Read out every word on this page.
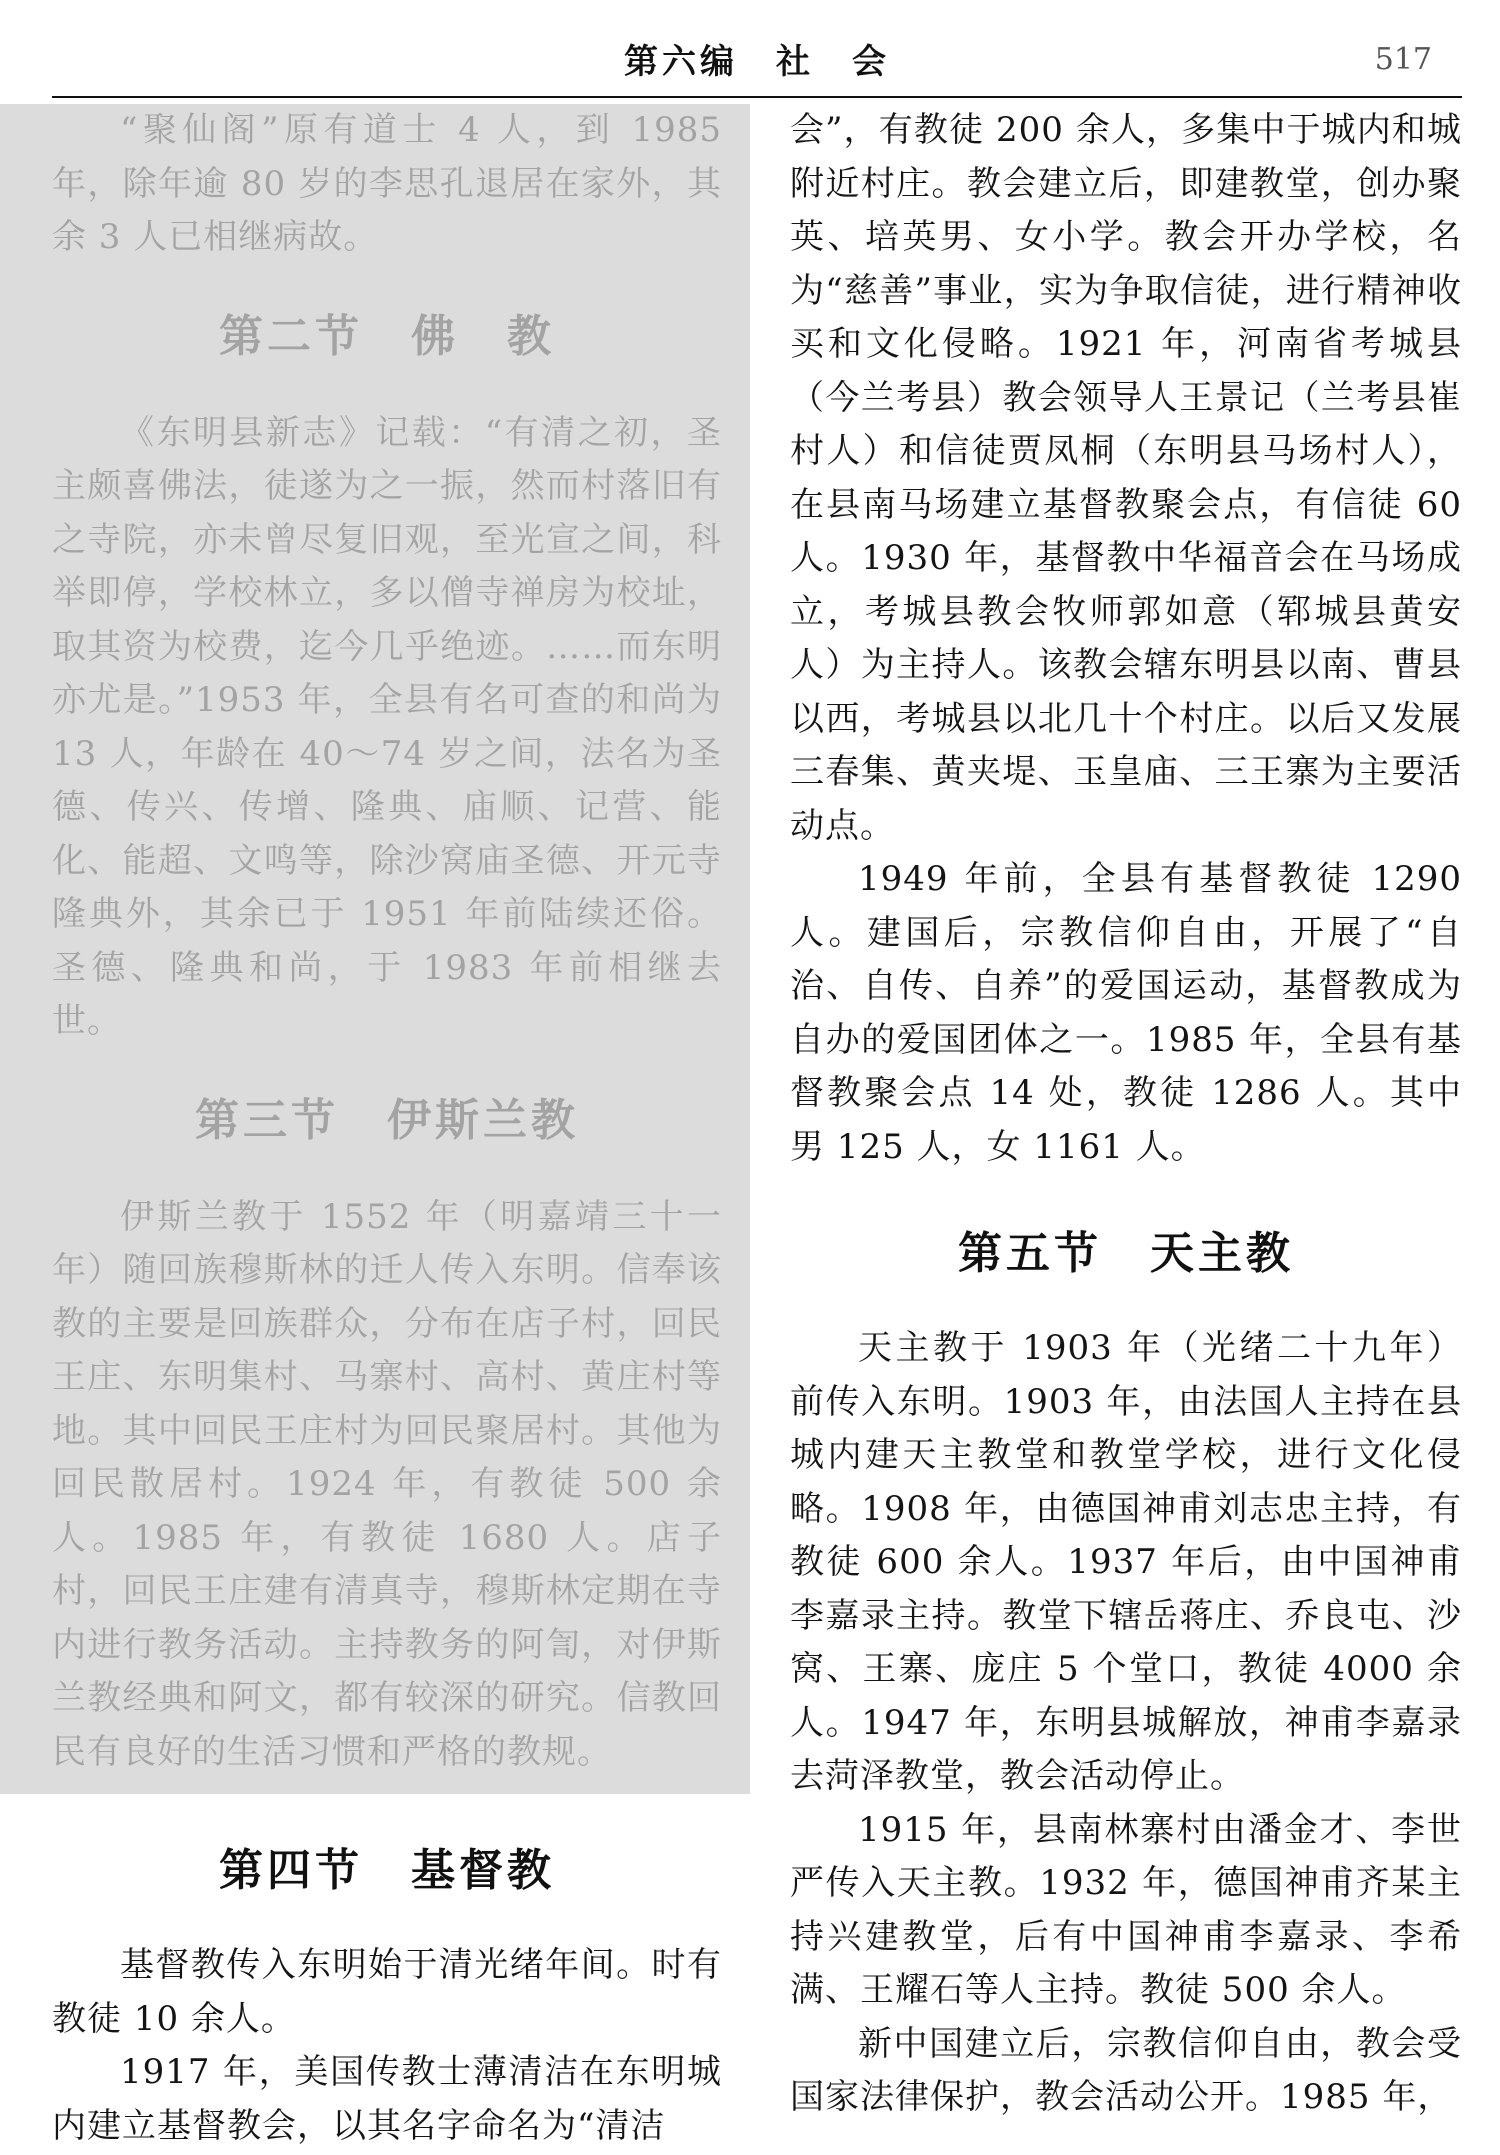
第六编　社　会	517

“聚仙阁”原有道士 4 人，到 1985 年，除年逾 80 岁的李思孔退居在家外，其余 3 人已相继病故。

第二节　佛　教

《东明县新志》记载：“有清之初，圣主颇喜佛法，徒遂为之一振，然而村落旧有之寺院，亦未曾尽复旧观，至光宣之间，科举即停，学校林立，多以僧寺禅房为校址，取其资为校费，迄今几乎绝迹。……而东明亦尤是。”1953 年，全县有名可查的和尚为 13 人，年龄在 40～74 岁之间，法名为圣德、传兴、传增、隆典、庙顺、记营、能化、能超、文鸣等，除沙窝庙圣德、开元寺隆典外，其余已于 1951 年前陆续还俗。圣德、隆典和尚，于 1983 年前相继去世。

第三节　伊斯兰教

伊斯兰教于 1552 年（明嘉靖三十一年）随回族穆斯林的迁人传入东明。信奉该教的主要是回族群众，分布在店子村，回民王庄、东明集村、马寨村、高村、黄庄村等地。其中回民王庄村为回民聚居村。其他为回民散居村。1924 年，有教徒 500 余人。1985 年，有教徒 1680 人。店子村，回民王庄建有清真寺，穆斯林定期在寺内进行教务活动。主持教务的阿訇，对伊斯兰教经典和阿文，都有较深的研究。信教回民有良好的生活习惯和严格的教规。

第四节　基督教

基督教传入东明始于清光绪年间。时有教徒 10 余人。

1917 年，美国传教士薄清洁在东明城内建立基督教会，以其名字命名为“清洁

会”，有教徒 200 余人，多集中于城内和城附近村庄。教会建立后，即建教堂，创办聚英、培英男、女小学。教会开办学校，名为“慈善”事业，实为争取信徒，进行精神收买和文化侵略。1921 年，河南省考城县（今兰考县）教会领导人王景记（兰考县崔村人）和信徒贾凤桐（东明县马场村人），在县南马场建立基督教聚会点，有信徒 60 人。1930 年，基督教中华福音会在马场成立，考城县教会牧师郭如意（郓城县黄安人）为主持人。该教会辖东明县以南、曹县以西，考城县以北几十个村庄。以后又发展三春集、黄夹堤、玉皇庙、三王寨为主要活动点。

1949 年前，全县有基督教徒 1290 人。建国后，宗教信仰自由，开展了“自治、自传、自养”的爱国运动，基督教成为自办的爱国团体之一。1985 年，全县有基督教聚会点 14 处，教徒 1286 人。其中男 125 人，女 1161 人。

第五节　天主教

天主教于 1903 年（光绪二十九年）前传入东明。1903 年，由法国人主持在县城内建天主教堂和教堂学校，进行文化侵略。1908 年，由德国神甫刘志忠主持，有教徒 600 余人。1937 年后，由中国神甫李嘉录主持。教堂下辖岳蒋庄、乔良屯、沙窝、王寨、庞庄 5 个堂口，教徒 4000 余人。1947 年，东明县城解放，神甫李嘉录去菏泽教堂，教会活动停止。

1915 年，县南林寨村由潘金才、李世严传入天主教。1932 年，德国神甫齐某主持兴建教堂，后有中国神甫李嘉录、李希满、王耀石等人主持。教徒 500 余人。

新中国建立后，宗教信仰自由，教会受国家法律保护，教会活动公开。1985 年，
